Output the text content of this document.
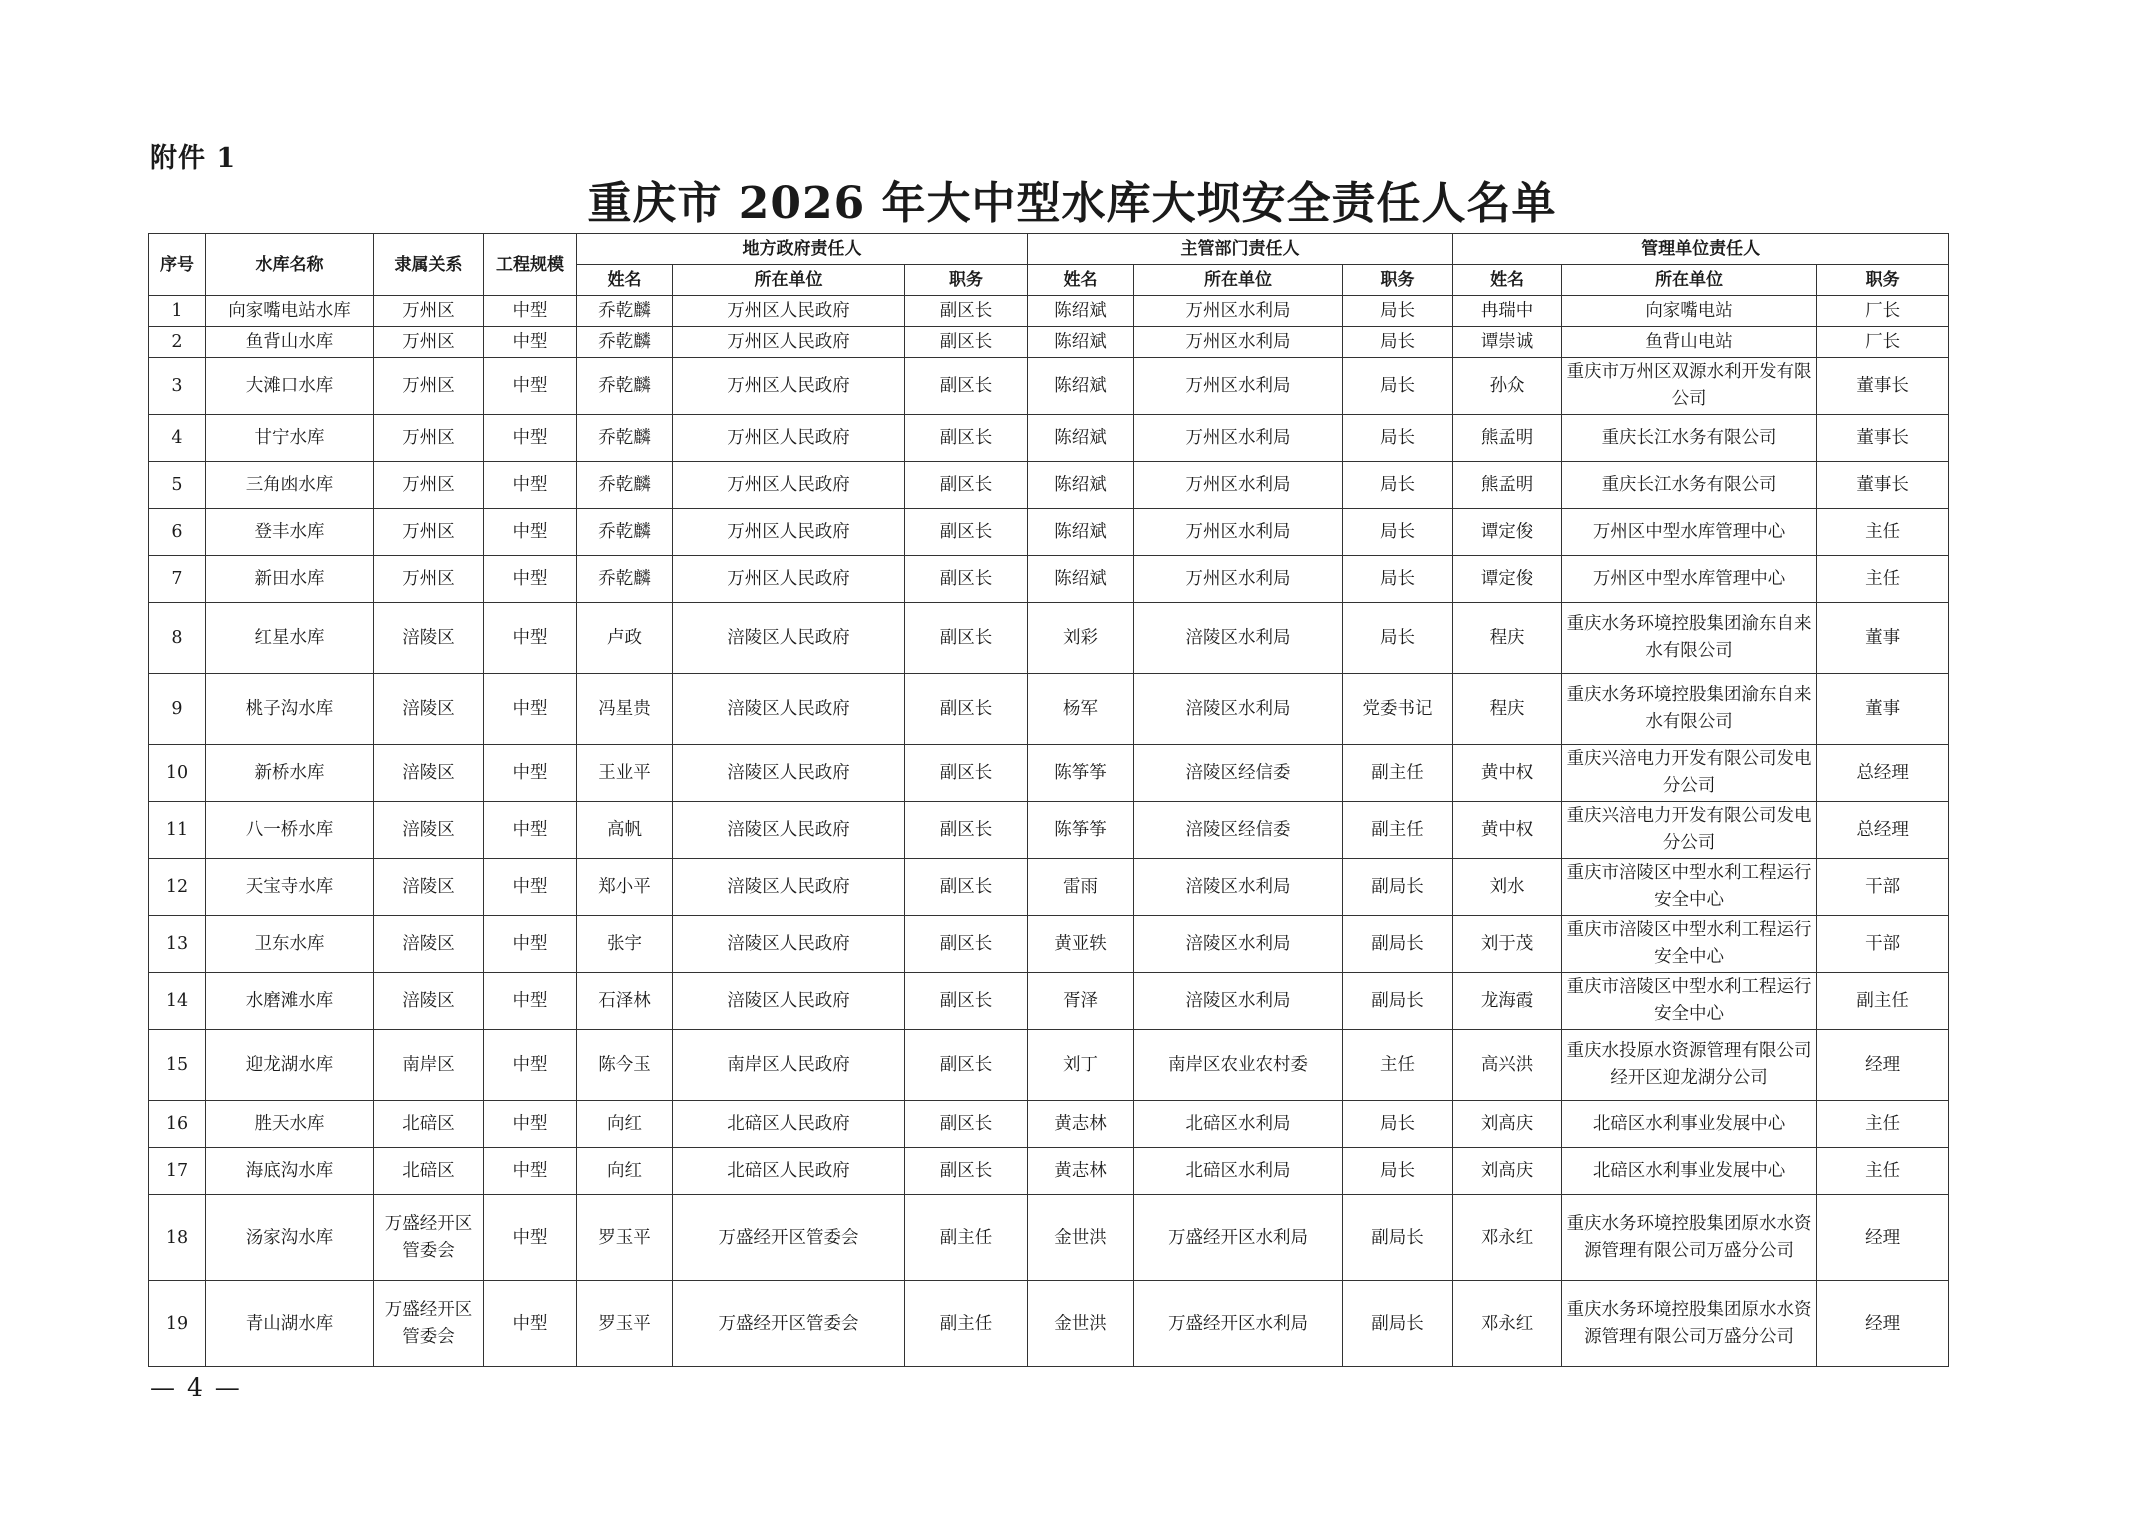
附件 1
重庆市 2026 年大中型水库大坝安全责任人名单
序号	水库名称	隶属关系	工程规模	地方政府责任人			主管部门责任人			管理单位责任人		
				姓名	所在单位	职务	姓名	所在单位	职务	姓名	所在单位	职务
1	向家嘴电站水库	万州区	中型	乔乾麟	万州区人民政府	副区长	陈绍斌	万州区水利局	局长	冉瑞中	向家嘴电站	厂长
2	鱼背山水库	万州区	中型	乔乾麟	万州区人民政府	副区长	陈绍斌	万州区水利局	局长	谭崇诚	鱼背山电站	厂长
3	大滩口水库	万州区	中型	乔乾麟	万州区人民政府	副区长	陈绍斌	万州区水利局	局长	孙众	重庆市万州区双源水利开发有限公司	董事长
4	甘宁水库	万州区	中型	乔乾麟	万州区人民政府	副区长	陈绍斌	万州区水利局	局长	熊孟明	重庆长江水务有限公司	董事长
5	三角凼水库	万州区	中型	乔乾麟	万州区人民政府	副区长	陈绍斌	万州区水利局	局长	熊孟明	重庆长江水务有限公司	董事长
6	登丰水库	万州区	中型	乔乾麟	万州区人民政府	副区长	陈绍斌	万州区水利局	局长	谭定俊	万州区中型水库管理中心	主任
7	新田水库	万州区	中型	乔乾麟	万州区人民政府	副区长	陈绍斌	万州区水利局	局长	谭定俊	万州区中型水库管理中心	主任
8	红星水库	涪陵区	中型	卢政	涪陵区人民政府	副区长	刘彩	涪陵区水利局	局长	程庆	重庆水务环境控股集团渝东自来水有限公司	董事
9	桃子沟水库	涪陵区	中型	冯星贵	涪陵区人民政府	副区长	杨军	涪陵区水利局	党委书记	程庆	重庆水务环境控股集团渝东自来水有限公司	董事
10	新桥水库	涪陵区	中型	王业平	涪陵区人民政府	副区长	陈筝筝	涪陵区经信委	副主任	黄中权	重庆兴涪电力开发有限公司发电分公司	总经理
11	八一桥水库	涪陵区	中型	高帆	涪陵区人民政府	副区长	陈筝筝	涪陵区经信委	副主任	黄中权	重庆兴涪电力开发有限公司发电分公司	总经理
12	天宝寺水库	涪陵区	中型	郑小平	涪陵区人民政府	副区长	雷雨	涪陵区水利局	副局长	刘水	重庆市涪陵区中型水利工程运行安全中心	干部
13	卫东水库	涪陵区	中型	张宇	涪陵区人民政府	副区长	黄亚轶	涪陵区水利局	副局长	刘于茂	重庆市涪陵区中型水利工程运行安全中心	干部
14	水磨滩水库	涪陵区	中型	石泽林	涪陵区人民政府	副区长	胥泽	涪陵区水利局	副局长	龙海霞	重庆市涪陵区中型水利工程运行安全中心	副主任
15	迎龙湖水库	南岸区	中型	陈今玉	南岸区人民政府	副区长	刘丁	南岸区农业农村委	主任	高兴洪	重庆水投原水资源管理有限公司经开区迎龙湖分公司	经理
16	胜天水库	北碚区	中型	向红	北碚区人民政府	副区长	黄志林	北碚区水利局	局长	刘高庆	北碚区水利事业发展中心	主任
17	海底沟水库	北碚区	中型	向红	北碚区人民政府	副区长	黄志林	北碚区水利局	局长	刘高庆	北碚区水利事业发展中心	主任
18	汤家沟水库	万盛经开区管委会	中型	罗玉平	万盛经开区管委会	副主任	金世洪	万盛经开区水利局	副局长	邓永红	重庆水务环境控股集团原水水资源管理有限公司万盛分公司	经理
19	青山湖水库	万盛经开区管委会	中型	罗玉平	万盛经开区管委会	副主任	金世洪	万盛经开区水利局	副局长	邓永红	重庆水务环境控股集团原水水资源管理有限公司万盛分公司	经理
— 4 —
